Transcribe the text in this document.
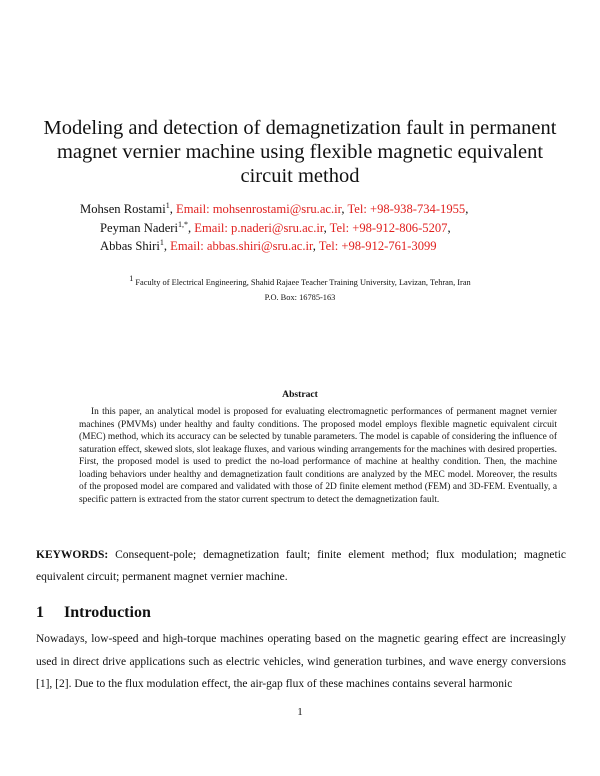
Modeling and detection of demagnetization fault in permanent
magnet vernier machine using flexible magnetic equivalent
circuit method
Mohsen Rostami$^1$, Email: mohsenrostami@sru.ac.ir, Tel: +98-938-734-1955,
Peyman Naderi$^{1,*}$, Email: p.naderi@sru.ac.ir, Tel: +98-912-806-5207,
Abbas Shiri$^1$, Email: abbas.shiri@sru.ac.ir, Tel: +98-912-761-3099
$^1$ Faculty of Electrical Engineering, Shahid Rajaee Teacher Training University, Lavizan, Tehran, Iran
P.O. Box: 16785-163
Abstract
In this paper, an analytical model is proposed for evaluating electromagnetic performances of permanent magnet vernier machines (PMVMs) under healthy and faulty conditions. The proposed model employs flexible magnetic equivalent circuit (MEC) method, which its accuracy can be selected by tunable parameters. The model is capable of considering the influence of saturation effect, skewed slots, slot leakage fluxes, and various winding arrangements for the machines with desired properties. First, the proposed model is used to predict the no-load performance of machine at healthy condition. Then, the machine loading behaviors under healthy and demagnetization fault conditions are analyzed by the MEC model. Moreover, the results of the proposed model are compared and validated with those of 2D finite element method (FEM) and 3D-FEM. Eventually, a specific pattern is extracted from the stator current spectrum to detect the demagnetization fault.
KEYWORDS: Consequent-pole; demagnetization fault; finite element method; flux modulation; magnetic equivalent circuit; permanent magnet vernier machine.
1 Introduction
Nowadays, low-speed and high-torque machines operating based on the magnetic gearing effect are increasingly used in direct drive applications such as electric vehicles, wind generation turbines, and wave energy conversions [1], [2]. Due to the flux modulation effect, the air-gap flux of these machines contains several harmonic
1
